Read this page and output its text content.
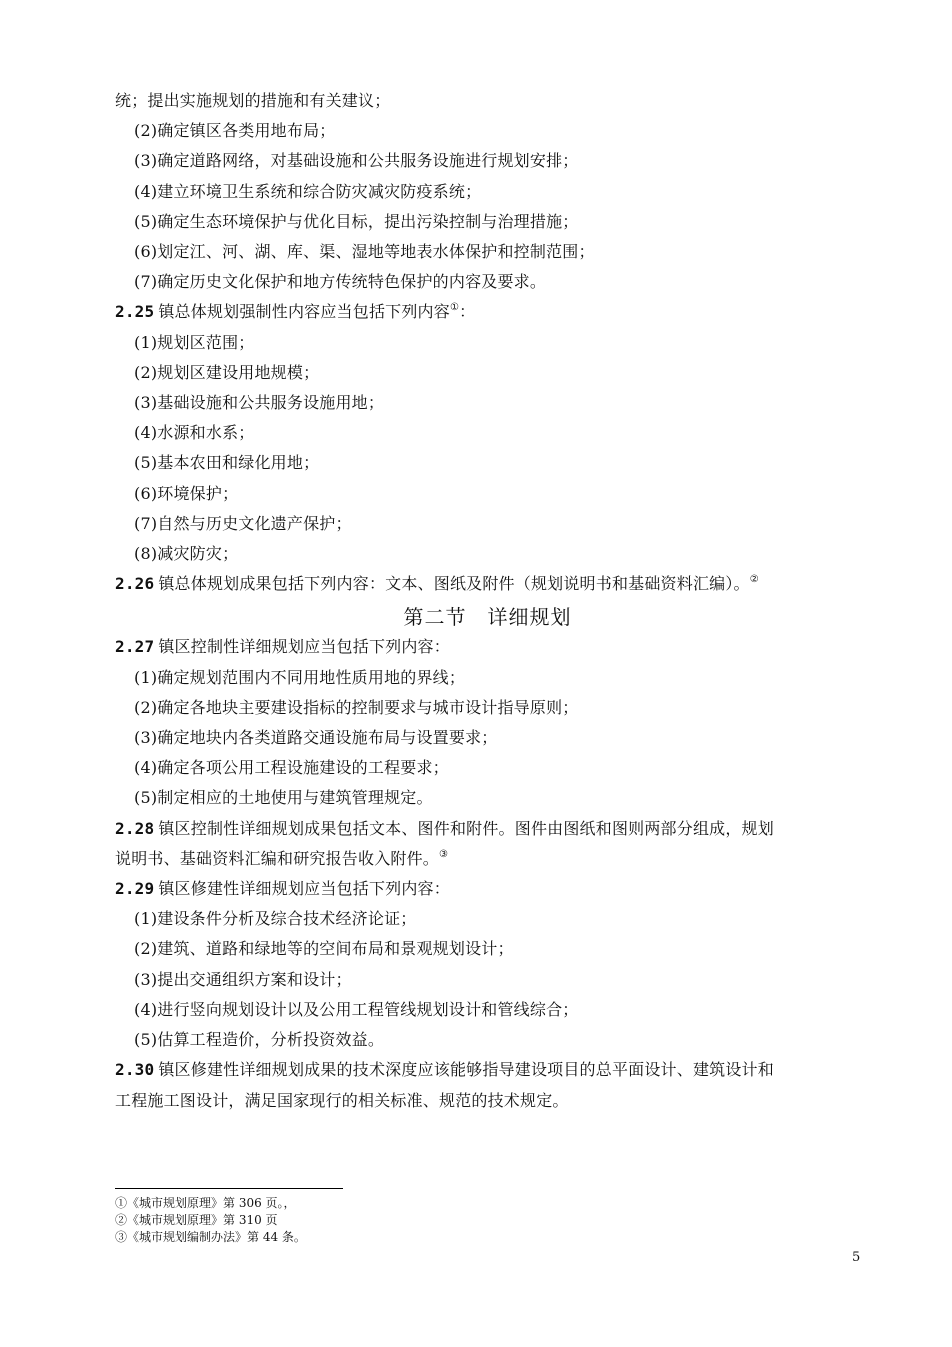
统；提出实施规划的措施和有关建议；
(2)确定镇区各类用地布局；
(3)确定道路网络，对基础设施和公共服务设施进行规划安排；
(4)建立环境卫生系统和综合防灾减灾防疫系统；
(5)确定生态环境保护与优化目标，提出污染控制与治理措施；
(6)划定江、河、湖、库、渠、湿地等地表水体保护和控制范围；
(7)确定历史文化保护和地方传统特色保护的内容及要求。
2.25 镇总体规划强制性内容应当包括下列内容①：
(1)规划区范围；
(2)规划区建设用地规模；
(3)基础设施和公共服务设施用地；
(4)水源和水系；
(5)基本农田和绿化用地；
(6)环境保护；
(7)自然与历史文化遗产保护；
(8)减灾防灾；
2.26 镇总体规划成果包括下列内容：文本、图纸及附件（规划说明书和基础资料汇编）。②
第二节　详细规划
2.27 镇区控制性详细规划应当包括下列内容：
(1)确定规划范围内不同用地性质用地的界线；
(2)确定各地块主要建设指标的控制要求与城市设计指导原则；
(3)确定地块内各类道路交通设施布局与设置要求；
(4)确定各项公用工程设施建设的工程要求；
(5)制定相应的土地使用与建筑管理规定。
2.28 镇区控制性详细规划成果包括文本、图件和附件。图件由图纸和图则两部分组成，规划
说明书、基础资料汇编和研究报告收入附件。③
2.29 镇区修建性详细规划应当包括下列内容：
(1)建设条件分析及综合技术经济论证；
(2)建筑、道路和绿地等的空间布局和景观规划设计；
(3)提出交通组织方案和设计；
(4)进行竖向规划设计以及公用工程管线规划设计和管线综合；
(5)估算工程造价，分析投资效益。
2.30 镇区修建性详细规划成果的技术深度应该能够指导建设项目的总平面设计、建筑设计和
工程施工图设计，满足国家现行的相关标准、规范的技术规定。
①《城市规划原理》第 306 页。，
②《城市规划原理》第 310 页
③《城市规划编制办法》第 44 条。
5
